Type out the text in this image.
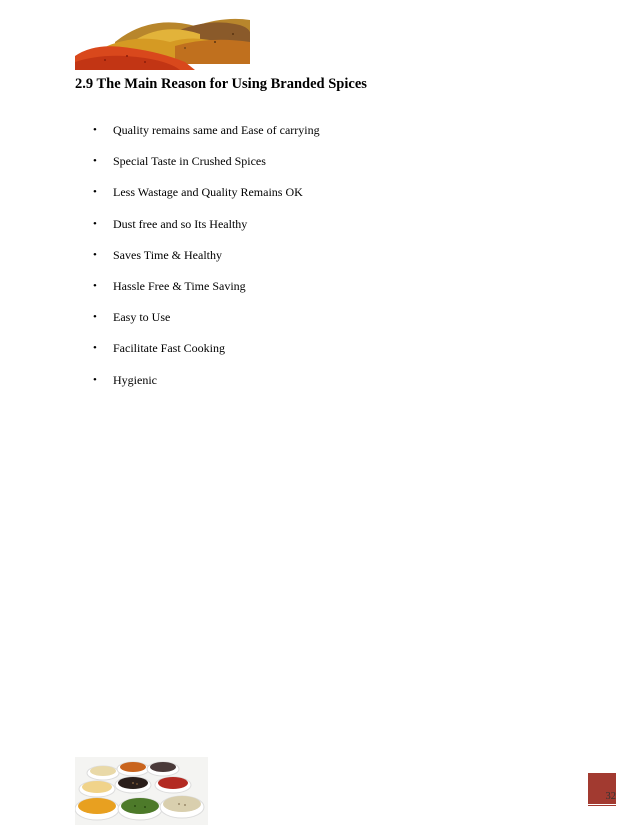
2.9 The Main Reason for Using Branded Spices
•	Quality remains same and Ease of carrying
•	Special Taste in Crushed Spices
•	Less Wastage and Quality Remains OK
•	Dust free and so Its Healthy
•	Saves Time & Healthy
•	Hassle Free & Time Saving
•	Easy to Use
•	Facilitate Fast Cooking
•	Hygienic
32
